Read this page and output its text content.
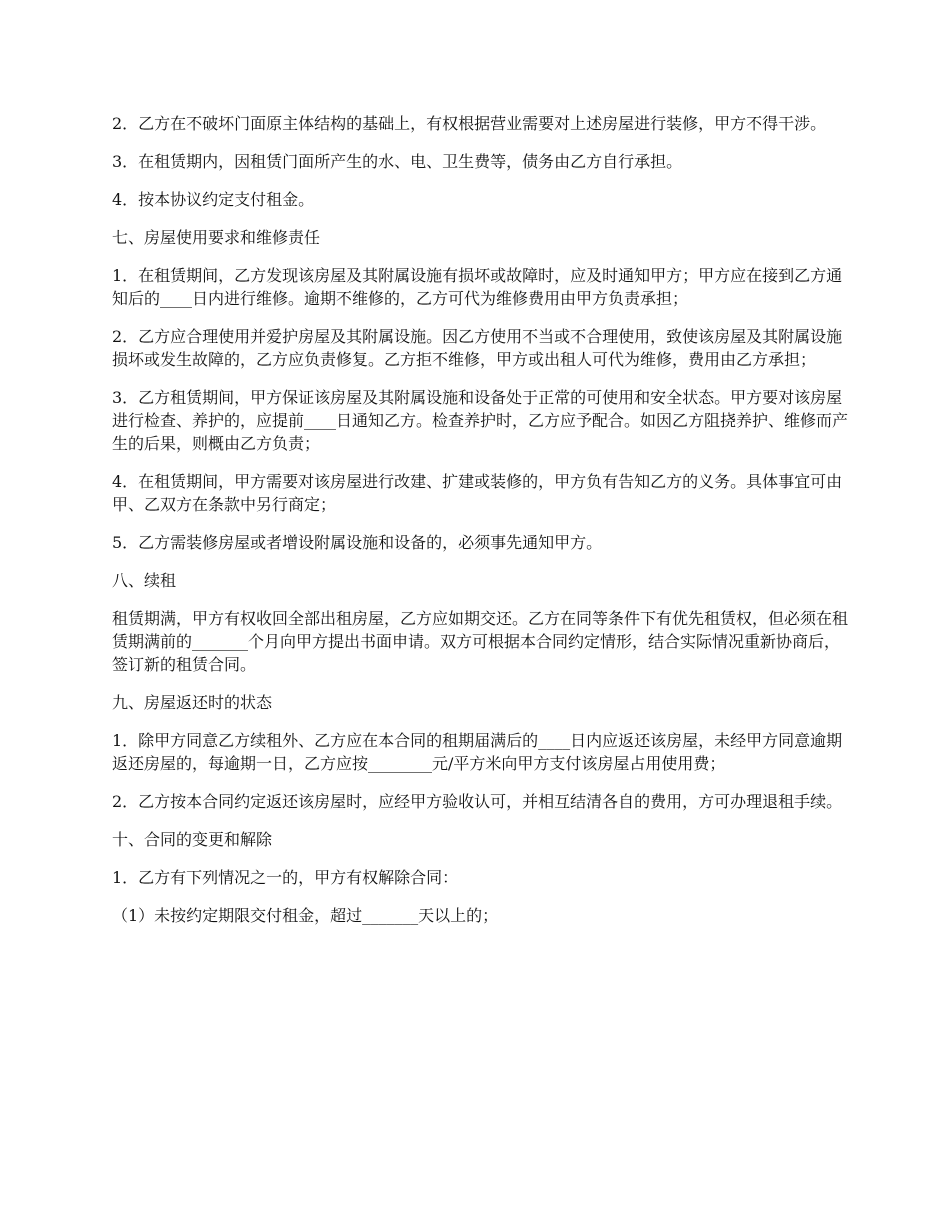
2．乙方在不破坏门面原主体结构的基础上，有权根据营业需要对上述房屋进行装修，甲方不得干涉。

3．在租赁期内，因租赁门面所产生的水、电、卫生费等，债务由乙方自行承担。

4．按本协议约定支付租金。

七、房屋使用要求和维修责任

1．在租赁期间，乙方发现该房屋及其附属设施有损坏或故障时，应及时通知甲方；甲方应在接到乙方通知后的____日内进行维修。逾期不维修的，乙方可代为维修费用由甲方负责承担；

2．乙方应合理使用并爱护房屋及其附属设施。因乙方使用不当或不合理使用，致使该房屋及其附属设施损坏或发生故障的，乙方应负责修复。乙方拒不维修，甲方或出租人可代为维修，费用由乙方承担；

3．乙方租赁期间，甲方保证该房屋及其附属设施和设备处于正常的可使用和安全状态。甲方要对该房屋进行检查、养护的，应提前____日通知乙方。检查养护时，乙方应予配合。如因乙方阻挠养护、维修而产生的后果，则概由乙方负责；

4．在租赁期间，甲方需要对该房屋进行改建、扩建或装修的，甲方负有告知乙方的义务。具体事宜可由甲、乙双方在条款中另行商定；

5．乙方需装修房屋或者增设附属设施和设备的，必须事先通知甲方。

八、续租

租赁期满，甲方有权收回全部出租房屋，乙方应如期交还。乙方在同等条件下有优先租赁权，但必须在租赁期满前的_______个月向甲方提出书面申请。双方可根据本合同约定情形，结合实际情况重新协商后，签订新的租赁合同。

九、房屋返还时的状态

1．除甲方同意乙方续租外、乙方应在本合同的租期届满后的____日内应返还该房屋，未经甲方同意逾期返还房屋的，每逾期一日，乙方应按________元/平方米向甲方支付该房屋占用使用费；

2．乙方按本合同约定返还该房屋时，应经甲方验收认可，并相互结清各自的费用，方可办理退租手续。

十、合同的变更和解除

1．乙方有下列情况之一的，甲方有权解除合同：

（1）未按约定期限交付租金，超过_______天以上的；
